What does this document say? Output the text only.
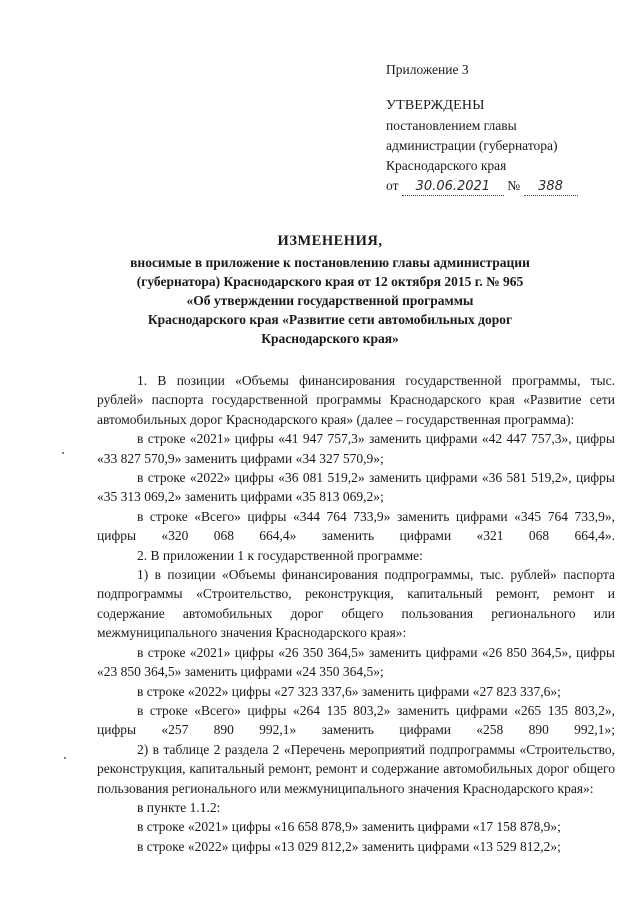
Приложение 3
УТВЕРЖДЕНЫ
постановлением главы
администрации (губернатора)
Краснодарского края
от 30.06.2021 № 388
ИЗМЕНЕНИЯ,
вносимые в приложение к постановлению главы администрации
(губернатора) Краснодарского края от 12 октября 2015 г. № 965
«Об утверждении государственной программы
Краснодарского края «Развитие сети автомобильных дорог
Краснодарского края»

1. В позиции «Объемы финансирования государственной программы, тыс. рублей» паспорта государственной программы Краснодарского края «Развитие сети автомобильных дорог Краснодарского края» (далее – государственная программа):

в строке «2021» цифры «41 947 757,3» заменить цифрами «42 447 757,3», цифры «33 827 570,9» заменить цифрами «34 327 570,9»;

в строке «2022» цифры «36 081 519,2» заменить цифрами «36 581 519,2», цифры «35 313 069,2» заменить цифрами «35 813 069,2»;

в строке «Всего» цифры «344 764 733,9» заменить цифрами «345 764 733,9», цифры «320 068 664,4» заменить цифрами «321 068 664,4».

2. В приложении 1 к государственной программе:

1) в позиции «Объемы финансирования подпрограммы, тыс. рублей» паспорта подпрограммы «Строительство, реконструкция, капитальный ремонт, ремонт и содержание автомобильных дорог общего пользования регионального или межмуниципального значения Краснодарского края»:

в строке «2021» цифры «26 350 364,5» заменить цифрами «26 850 364,5», цифры «23 850 364,5» заменить цифрами «24 350 364,5»;

в строке «2022» цифры «27 323 337,6» заменить цифрами «27 823 337,6»;

в строке «Всего» цифры «264 135 803,2» заменить цифрами «265 135 803,2», цифры «257 890 992,1» заменить цифрами «258 890 992,1»;

2) в таблице 2 раздела 2 «Перечень мероприятий подпрограммы «Строительство, реконструкция, капитальный ремонт, ремонт и содержание автомобильных дорог общего пользования регионального или межмуниципального значения Краснодарского края»:

в пункте 1.1.2:

в строке «2021» цифры «16 658 878,9» заменить цифрами «17 158 878,9»;

в строке «2022» цифры «13 029 812,2» заменить цифрами «13 529 812,2»;
